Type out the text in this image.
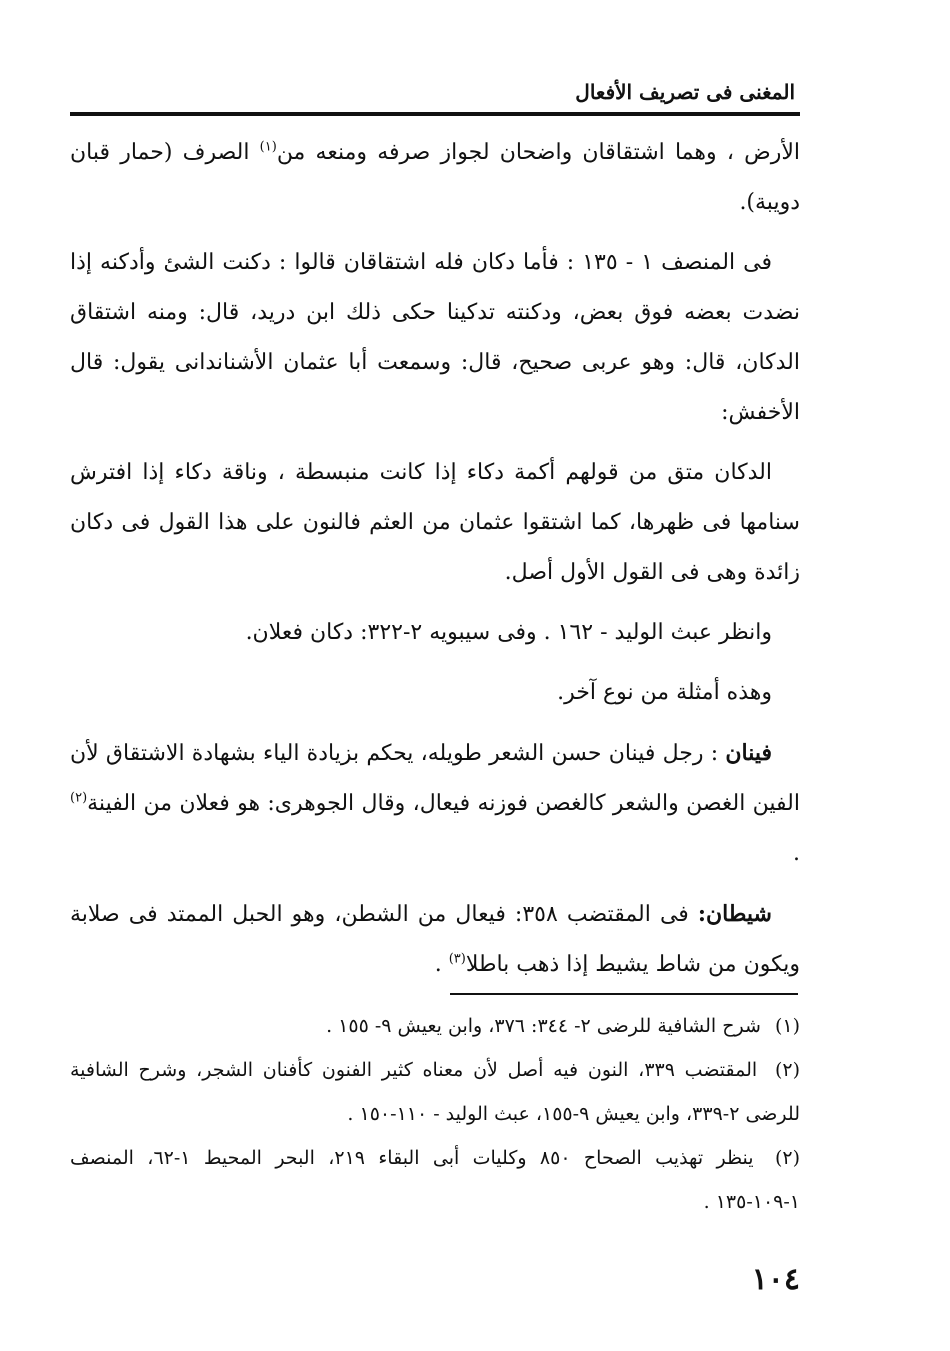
المغنى فى تصريف الأفعال

الأرض ، وهما اشتقاقان واضحان لجواز صرفه ومنعه من$^{(١)}$ الصرف (حمار قبان دويبة).

فى المنصف ١ - ١٣٥ : فأما دكان فله اشتقاقان قالوا : دكنت الشئ وأدكنه إذا نضدت بعضه فوق بعض، ودكنته تدكينا حكى ذلك ابن دريد، قال: ومنه اشتقاق الدكان، قال: وهو عربى صحيح، قال: وسمعت أبا عثمان الأشناندانى يقول: قال الأخفش:

الدكان متق من قولهم أكمة دكاء إذا كانت منبسطة ، وناقة دكاء إذا افترش سنامها فى ظهرها، كما اشتقوا عثمان من العثم فالنون على هذا القول فى دكان زائدة وهى فى القول الأول أصل.

وانظر عبث الوليد - ١٦٢ . وفى سيبويه ٢-٣٢٢: دكان فعلان.

وهذه أمثلة من نوع آخر.

فينان : رجل فينان حسن الشعر طويله، يحكم بزيادة الياء بشهادة الاشتقاق لأن الفين الغصن والشعر كالغصن فوزنه فيعال، وقال الجوهرى: هو فعلان من الفينة$^{(٢)}$ .

شيطان: فى المقتضب ٣٥٨: فيعال من الشطن، وهو الحبل الممتد فى صلابة ويكون من شاط يشيط إذا ذهب باطلا$^{(٣)}$ .

(١) شرح الشافية للرضى ٢- ٣٤٤: ٣٧٦، وابن يعيش ٩- ١٥٥ .

(٢) المقتضب ٣٣٩، النون فيه أصل لأن معناه كثير الفنون كأفنان الشجر، وشرح الشافية للرضى ٢-٣٣٩، وابن يعيش ٩-١٥٥، عبث الوليد - ١١٠-١٥٠ .

(٢) ينظر تهذيب الصحاح ٨٥٠ وكليات أبى البقاء ٢١٩، البحر المحيط ١-٦٢، المنصف ١-١٠٩-١٣٥ .

١٠٤
